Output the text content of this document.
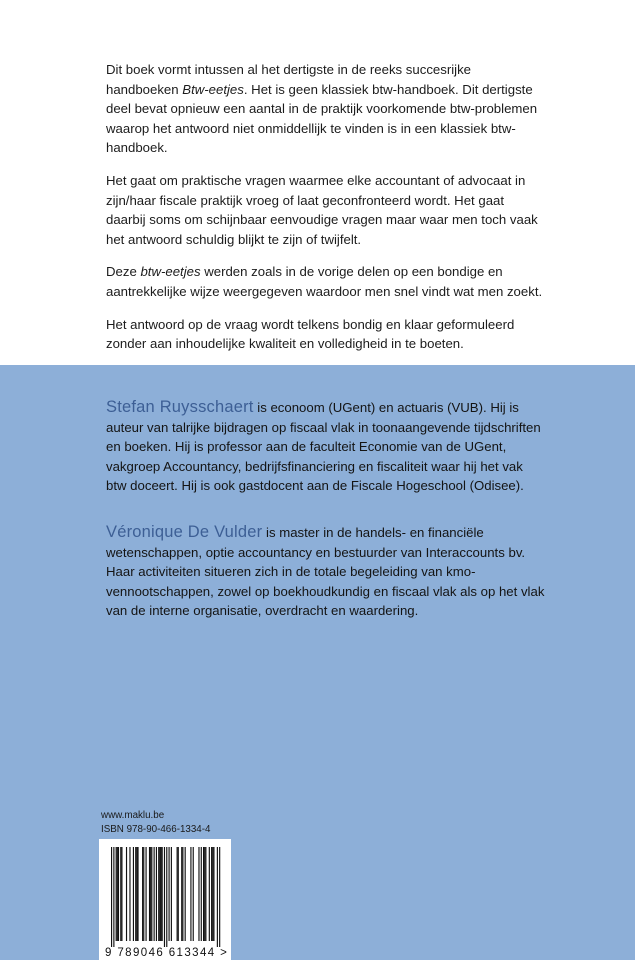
Dit boek vormt intussen al het dertigste in de reeks succesrijke handboeken Btw-eetjes. Het is geen klassiek btw-handboek. Dit dertigste deel bevat opnieuw een aantal in de praktijk voorkomende btw-problemen waarop het antwoord niet onmiddellijk te vinden is in een klassiek btw-handboek.

Het gaat om praktische vragen waarmee elke accountant of advocaat in zijn/haar fiscale praktijk vroeg of laat geconfronteerd wordt. Het gaat daarbij soms om schijnbaar eenvoudige vragen maar waar men toch vaak het antwoord schuldig blijkt te zijn of twijfelt.

Deze btw-eetjes werden zoals in de vorige delen op een bondige en aantrekkelijke wijze weergegeven waardoor men snel vindt wat men zoekt.

Het antwoord op de vraag wordt telkens bondig en klaar geformuleerd zonder aan inhoudelijke kwaliteit en volledigheid in te boeten.

Stefan Ruysschaert is econoom (UGent) en actuaris (VUB). Hij is auteur van talrijke bijdragen op fiscaal vlak in toonaangevende tijdschriften en boeken. Hij is professor aan de faculteit Economie van de UGent, vakgroep Accountancy, bedrijfsfinanciering en fiscaliteit waar hij het vak btw doceert. Hij is ook gastdocent aan de Fiscale Hogeschool (Odisee).
Véronique De Vulder is master in de handels- en financiële wetenschappen, optie accountancy en bestuurder van Interaccounts bv. Haar activiteiten situeren zich in de totale begeleiding van kmo-vennootschappen, zowel op boekhoudkundig en fiscaal vlak als op het vlak van de interne organisatie, overdracht en waardering.
www.maklu.be
ISBN 978-90-466-1334-4
9 789046 613344 >
